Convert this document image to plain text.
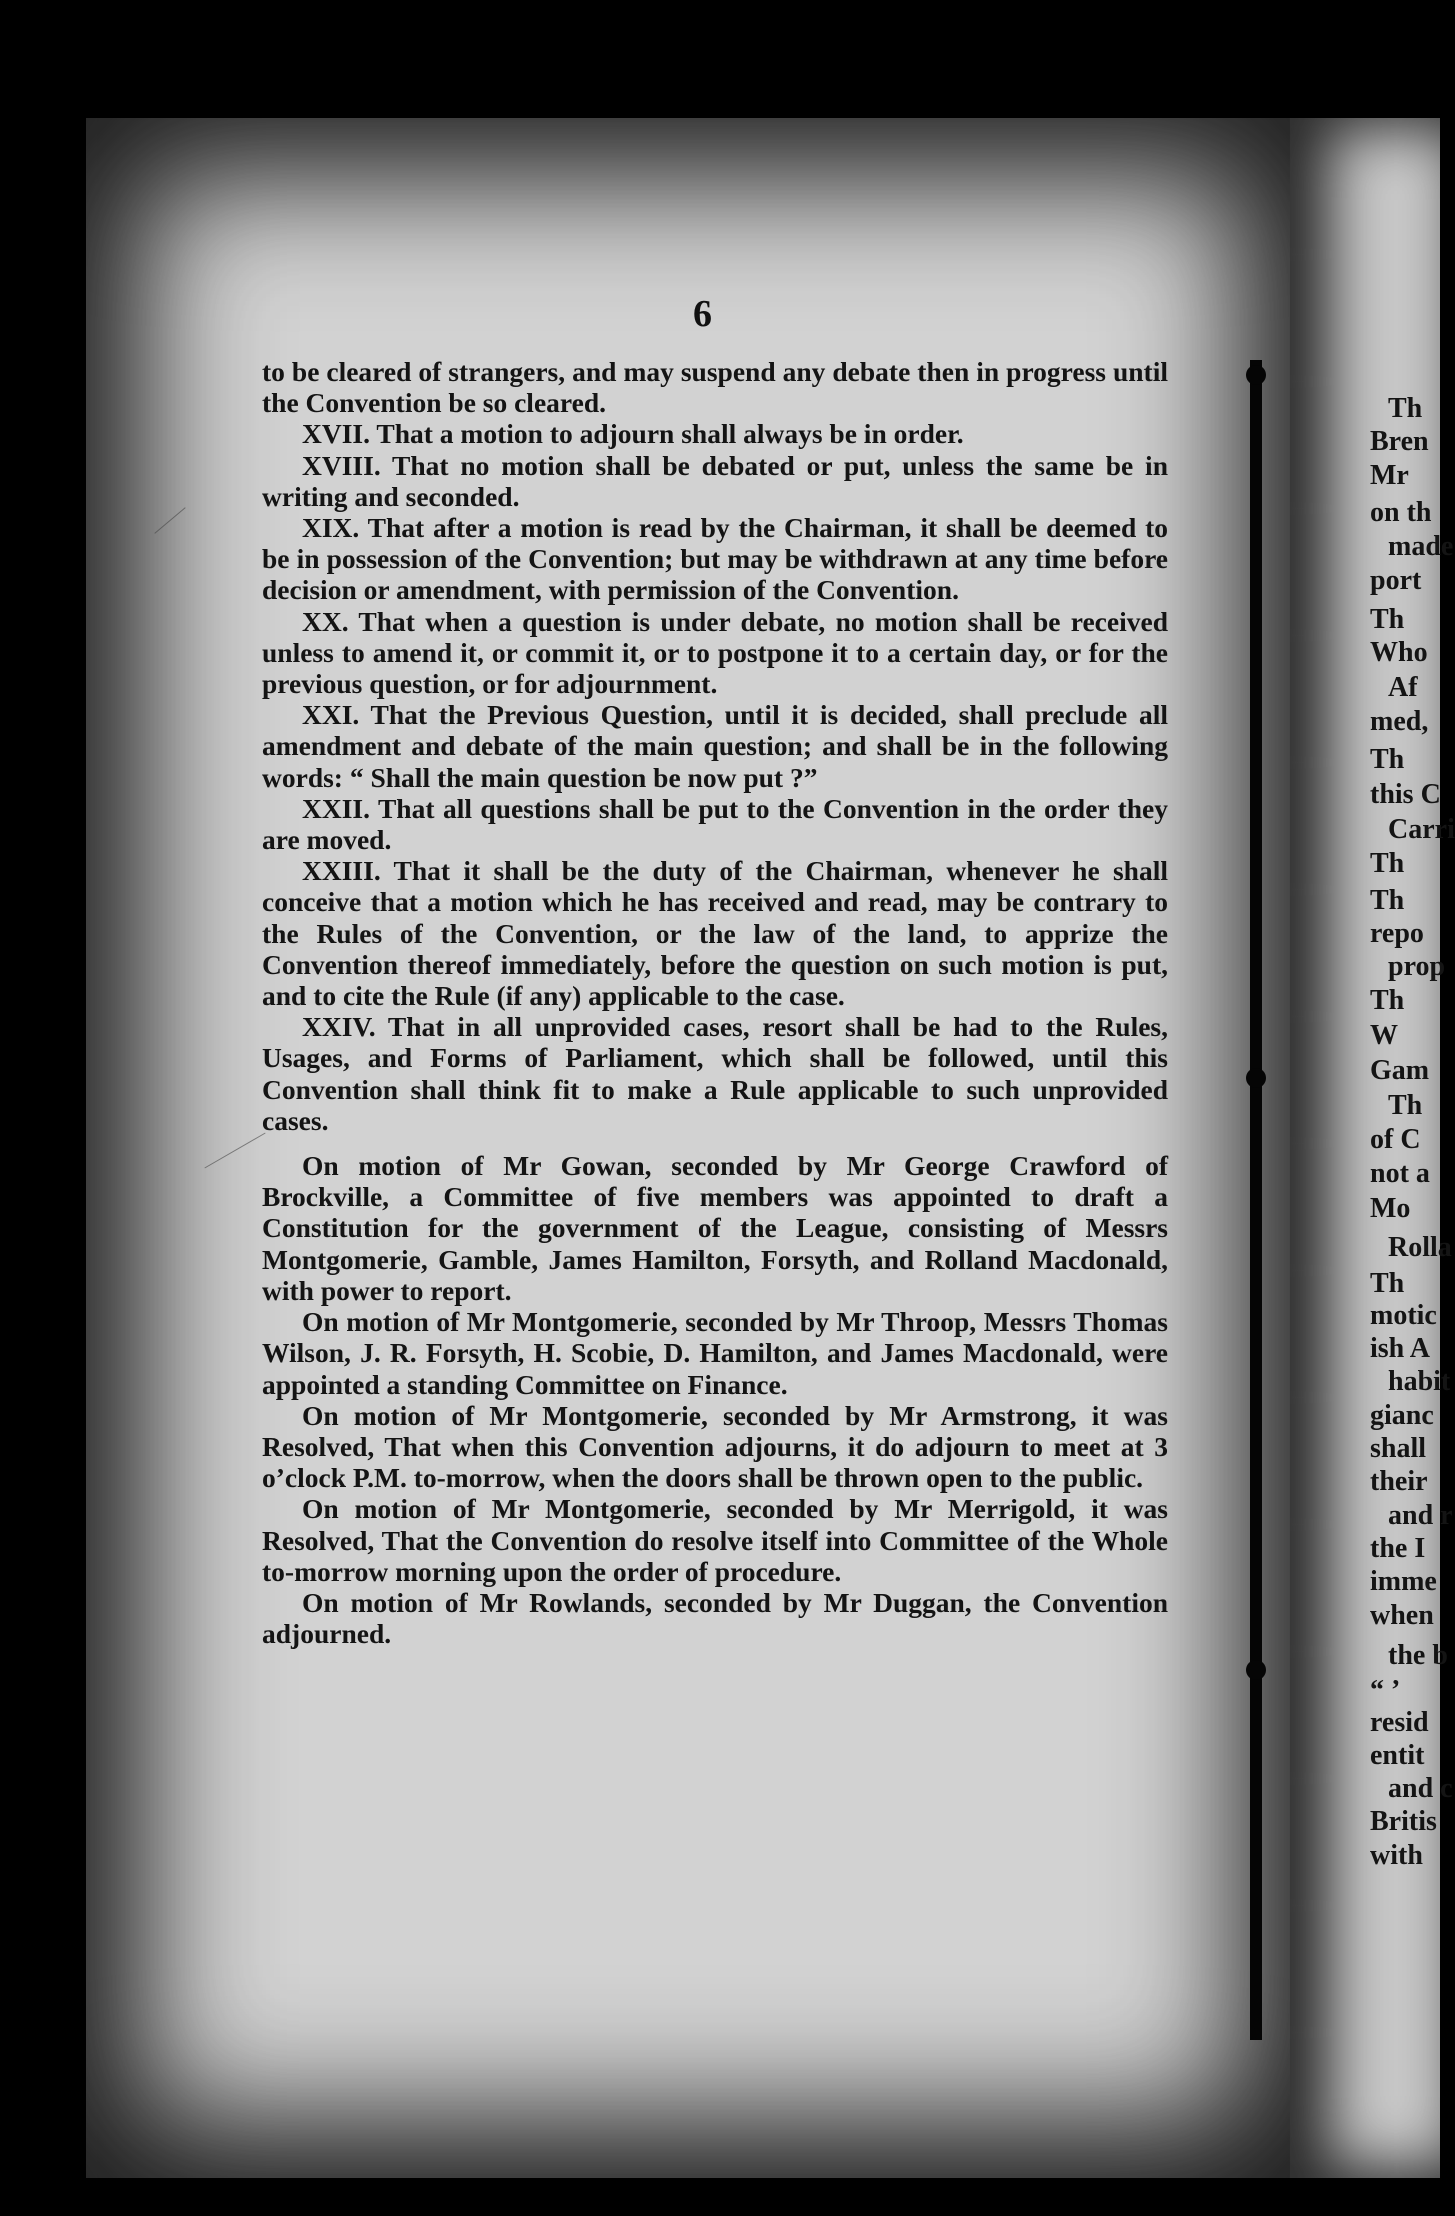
6

to be cleared of strangers, and may suspend any debate then in progress until the Convention be so cleared.

XVII. That a motion to adjourn shall always be in order.

XVIII. That no motion shall be debated or put, unless the same be in writing and seconded.

XIX. That after a motion is read by the Chairman, it shall be deemed to be in possession of the Convention; but may be withdrawn at any time before decision or amendment, with permission of the Convention.

XX. That when a question is under debate, no motion shall be received unless to amend it, or commit it, or to postpone it to a certain day, or for the previous question, or for adjournment.

XXI. That the Previous Question, until it is decided, shall preclude all amendment and debate of the main question; and shall be in the following words: “ Shall the main question be now put ?”

XXII. That all questions shall be put to the Convention in the order they are moved.

XXIII. That it shall be the duty of the Chairman, whenever he shall conceive that a motion which he has received and read, may be contrary to the Rules of the Convention, or the law of the land, to apprize the Convention thereof immediately, before the question on such motion is put, and to cite the Rule (if any) applicable to the case.

XXIV. That in all unprovided cases, resort shall be had to the Rules, Usages, and Forms of Parliament, which shall be followed, until this Convention shall think fit to make a Rule applicable to such unprovided cases.

On motion of Mr Gowan, seconded by Mr George Crawford of Brockville, a Committee of five members was appointed to draft a Constitution for the government of the League, consisting of Messrs Montgomerie, Gamble, James Hamilton, Forsyth, and Rolland Macdonald, with power to report.

On motion of Mr Montgomerie, seconded by Mr Throop, Messrs Thomas Wilson, J. R. Forsyth, H. Scobie, D. Hamilton, and James Macdonald, were appointed a standing Committee on Finance.

On motion of Mr Montgomerie, seconded by Mr Armstrong, it was Resolved, That when this Convention adjourns, it do adjourn to meet at 3 o’clock P.M. to-morrow, when the doors shall be thrown open to the public.

On motion of Mr Montgomerie, seconded by Mr Merrigold, it was Resolved, That the Convention do resolve itself into Committee of the Whole to-morrow morning upon the order of procedure.

On motion of Mr Rowlands, seconded by Mr Duggan, the Convention adjourned.

Th
Bren
Mr
on th
made
port
Th
Who
Af
med,
Th
this C
Carri
Th
Th
repo
prop
Th
W
Gam
Th
of C
not a
Mo
Rolla
Th
motic
ish A
habit
gianc
shall
their
and r
the I
imme
when
the b
“ ’
resid
entit
and c
Britis
with
